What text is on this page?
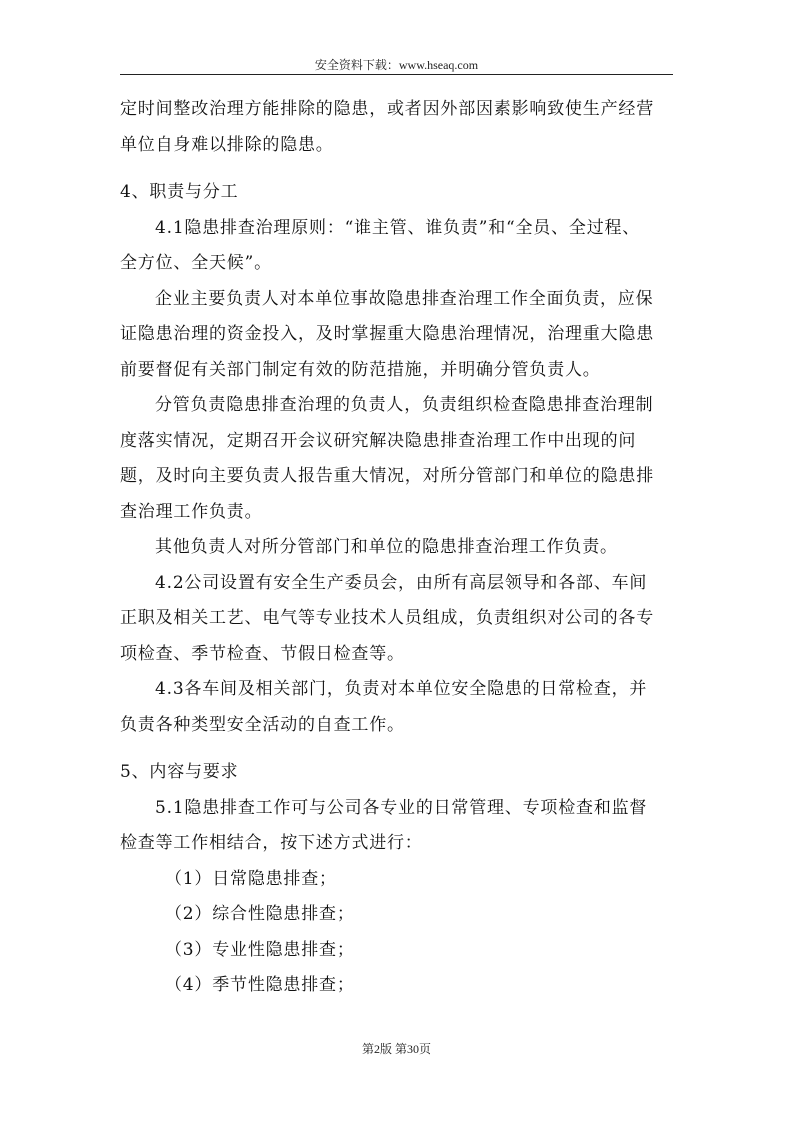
安全资料下载：www.hseaq.com
定时间整改治理方能排除的隐患，或者因外部因素影响致使生产经营
单位自身难以排除的隐患。
4、职责与分工
4.1隐患排查治理原则：“谁主管、谁负责”和“全员、全过程、
全方位、全天候”。
企业主要负责人对本单位事故隐患排查治理工作全面负责，应保
证隐患治理的资金投入，及时掌握重大隐患治理情况，治理重大隐患
前要督促有关部门制定有效的防范措施，并明确分管负责人。
分管负责隐患排查治理的负责人，负责组织检查隐患排查治理制
度落实情况，定期召开会议研究解决隐患排查治理工作中出现的问
题，及时向主要负责人报告重大情况，对所分管部门和单位的隐患排
查治理工作负责。
其他负责人对所分管部门和单位的隐患排查治理工作负责。
4.2公司设置有安全生产委员会，由所有高层领导和各部、车间
正职及相关工艺、电气等专业技术人员组成，负责组织对公司的各专
项检查、季节检查、节假日检查等。
4.3各车间及相关部门，负责对本单位安全隐患的日常检查，并
负责各种类型安全活动的自查工作。
5、内容与要求
5.1隐患排查工作可与公司各专业的日常管理、专项检查和监督
检查等工作相结合，按下述方式进行：
（1）日常隐患排查；
（2）综合性隐患排查；
（3）专业性隐患排查；
（4）季节性隐患排查；
第2版 第30页
